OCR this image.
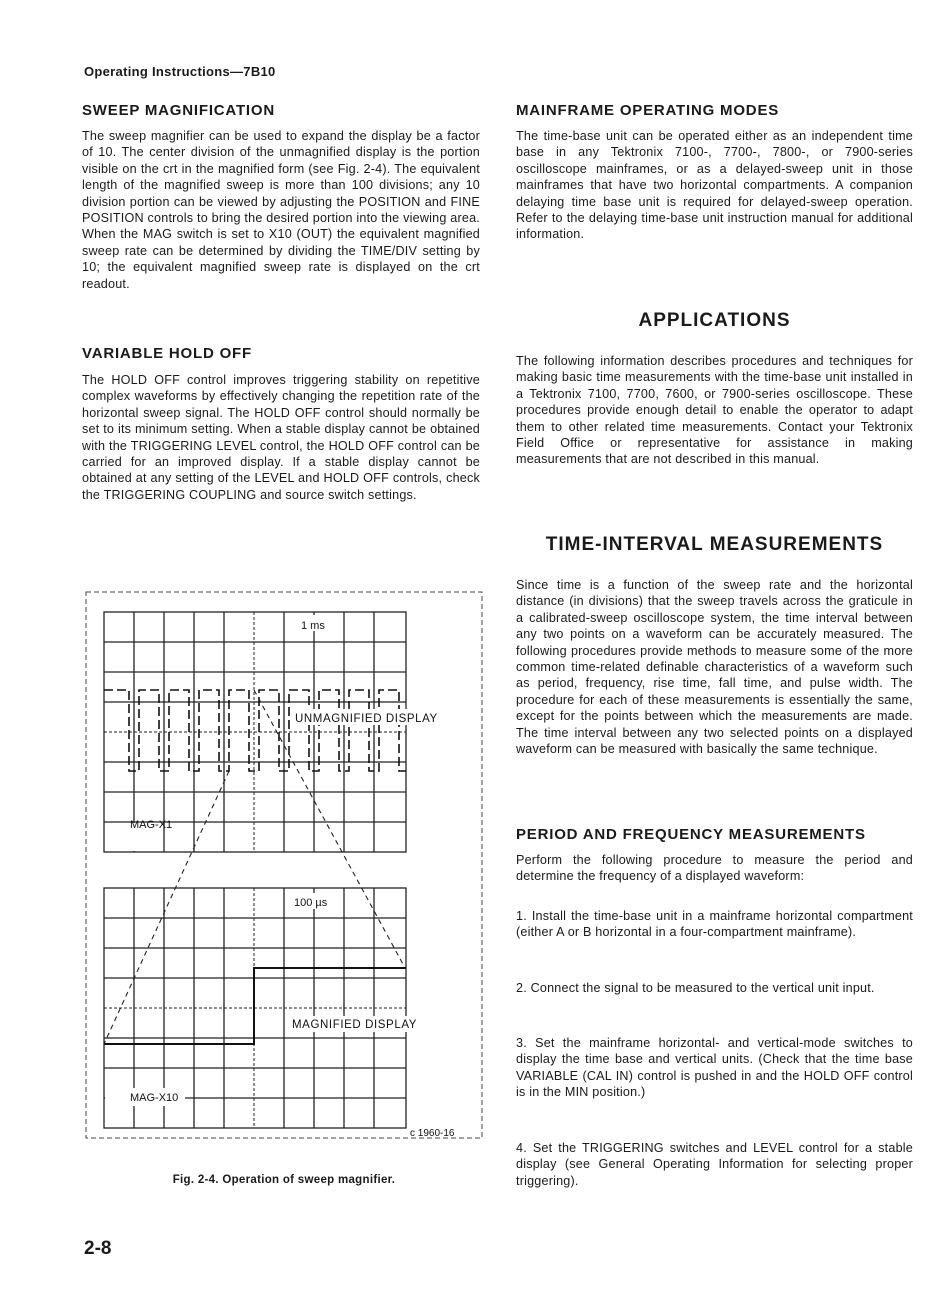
Operating Instructions—7B10
SWEEP MAGNIFICATION
The sweep magnifier can be used to expand the display be a factor of 10. The center division of the unmagnified display is the portion visible on the crt in the magnified form (see Fig. 2-4). The equivalent length of the magnified sweep is more than 100 divisions; any 10 division portion can be viewed by adjusting the POSITION and FINE POSITION controls to bring the desired portion into the viewing area. When the MAG switch is set to X10 (OUT) the equivalent magnified sweep rate can be determined by dividing the TIME/DIV setting by 10; the equivalent magnified sweep rate is displayed on the crt readout.
VARIABLE HOLD OFF
The HOLD OFF control improves triggering stability on repetitive complex waveforms by effectively changing the repetition rate of the horizontal sweep signal. The HOLD OFF control should normally be set to its minimum setting. When a stable display cannot be obtained with the TRIGGERING LEVEL control, the HOLD OFF control can be carried for an improved display. If a stable display cannot be obtained at any setting of the LEVEL and HOLD OFF controls, check the TRIGGERING COUPLING and source switch settings.
MAG-X1
1 ms
UNMAGNIFIED DISPLAY
MAG-X10
100 µs
MAGNIFIED DISPLAY
c 1960-16
Fig. 2-4. Operation of sweep magnifier.
MAINFRAME OPERATING MODES
The time-base unit can be operated either as an independent time base in any Tektronix 7100-, 7700-, 7800-, or 7900-series oscilloscope mainframes, or as a delayed-sweep unit in those mainframes that have two horizontal compartments. A companion delaying time base unit is required for delayed-sweep operation. Refer to the delaying time-base unit instruction manual for additional information.
APPLICATIONS
The following information describes procedures and techniques for making basic time measurements with the time-base unit installed in a Tektronix 7100, 7700, 7600, or 7900-series oscilloscope. These procedures provide enough detail to enable the operator to adapt them to other related time measurements. Contact your Tektronix Field Office or representative for assistance in making measurements that are not described in this manual.
TIME-INTERVAL MEASUREMENTS
Since time is a function of the sweep rate and the horizontal distance (in divisions) that the sweep travels across the graticule in a calibrated-sweep oscilloscope system, the time interval between any two points on a waveform can be accurately measured. The following procedures provide methods to measure some of the more common time-related definable characteristics of a waveform such as period, frequency, rise time, fall time, and pulse width. The procedure for each of these measurements is essentially the same, except for the points between which the measurements are made. The time interval between any two selected points on a displayed waveform can be measured with basically the same technique.
PERIOD AND FREQUENCY MEASUREMENTS
Perform the following procedure to measure the period and determine the frequency of a displayed waveform:
1. Install the time-base unit in a mainframe horizontal compartment (either A or B horizontal in a four-compartment mainframe).
2. Connect the signal to be measured to the vertical unit input.
3. Set the mainframe horizontal- and vertical-mode switches to display the time base and vertical units. (Check that the time base VARIABLE (CAL IN) control is pushed in and the HOLD OFF control is in the MIN position.)
4. Set the TRIGGERING switches and LEVEL control for a stable display (see General Operating Information for selecting proper triggering).
2-8
